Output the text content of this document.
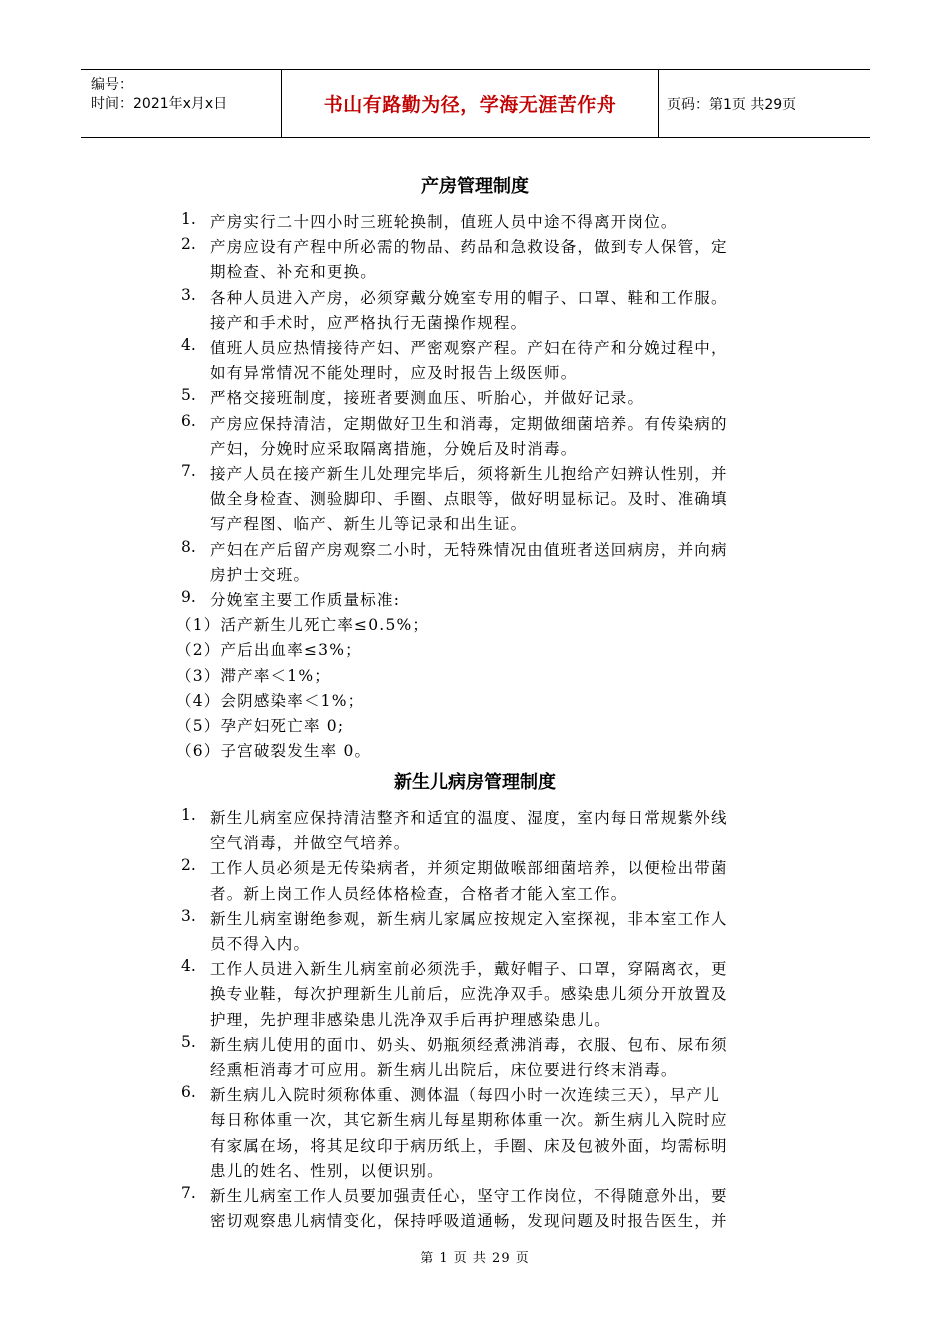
编号：
时间：2021年x月x日	书山有路勤为径，学海无涯苦作舟	页码：第1页 共29页
产房管理制度
新生儿病房管理制度
1. 产房实行二十四小时三班轮换制，值班人员中途不得离开岗位。
2. 产房应设有产程中所必需的物品、药品和急救设备，做到专人保管，定
期检查、补充和更换。
3. 各种人员进入产房，必须穿戴分娩室专用的帽子、口罩、鞋和工作服。
接产和手术时，应严格执行无菌操作规程。
4. 值班人员应热情接待产妇、严密观察产程。产妇在待产和分娩过程中，
如有异常情况不能处理时，应及时报告上级医师。
5. 严格交接班制度，接班者要测血压、听胎心，并做好记录。
6. 产房应保持清洁，定期做好卫生和消毒，定期做细菌培养。有传染病的
产妇，分娩时应采取隔离措施，分娩后及时消毒。
7. 接产人员在接产新生儿处理完毕后，须将新生儿抱给产妇辨认性别，并
做全身检查、测验脚印、手圈、点眼等，做好明显标记。及时、准确填
写产程图、临产、新生儿等记录和出生证。
8. 产妇在产后留产房观察二小时，无特殊情况由值班者送回病房，并向病
房护士交班。
9. 分娩室主要工作质量标准:
（1）活产新生儿死亡率≤0.5%；
（2）产后出血率≤3%；
（3）滞产率＜1%；
（4）会阴感染率＜1%；
（5）孕产妇死亡率 0;
（6）子宫破裂发生率 0。
1. 新生儿病室应保持清洁整齐和适宜的温度、湿度，室内每日常规紫外线
空气消毒，并做空气培养。
2. 工作人员必须是无传染病者，并须定期做喉部细菌培养，以便检出带菌
者。新上岗工作人员经体格检查，合格者才能入室工作。
3. 新生儿病室谢绝参观，新生病儿家属应按规定入室探视，非本室工作人
员不得入内。
4. 工作人员进入新生儿病室前必须洗手，戴好帽子、口罩，穿隔离衣，更
换专业鞋，每次护理新生儿前后，应洗净双手。感染患儿须分开放置及
护理，先护理非感染患儿洗净双手后再护理感染患儿。
5. 新生病儿使用的面巾、奶头、奶瓶须经煮沸消毒，衣服、包布、尿布须
经熏柜消毒才可应用。新生病儿出院后，床位要进行终末消毒。
6. 新生病儿入院时须称体重、测体温（每四小时一次连续三天），早产儿
每日称体重一次，其它新生病儿每星期称体重一次。新生病儿入院时应
有家属在场，将其足纹印于病历纸上，手圈、床及包被外面，均需标明
患儿的姓名、性别，以便识别。
7. 新生儿病室工作人员要加强责任心，坚守工作岗位，不得随意外出，要
密切观察患儿病情变化，保持呼吸道通畅，发现问题及时报告医生，并
第 1 页 共 29 页
